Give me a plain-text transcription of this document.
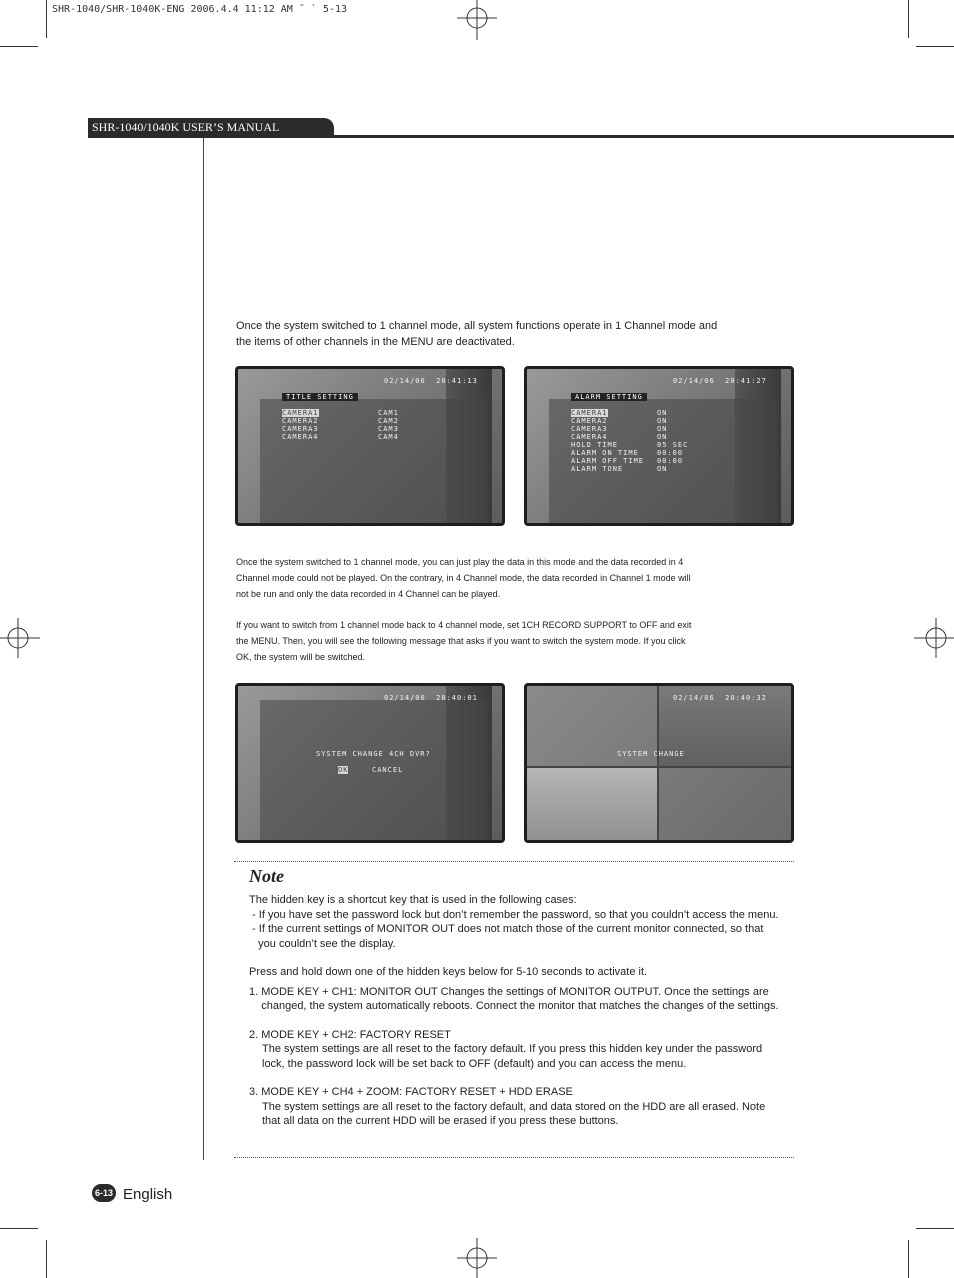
SHR-1040/SHR-1040K-ENG 2006.4.4 11:12 AM ˘ ` 5-13
SHR-1040/1040K USER’S MANUAL
Once the system switched to 1 channel mode, all system functions operate in 1 Channel mode and
the items of other channels in the MENU are deactivated.
02/14/06  20:41:13
TITLE SETTING
CAMERA1	CAM1
CAMERA2	CAM2
CAMERA3	CAM3
CAMERA4	CAM4
02/14/06  20:41:27
ALARM SETTING
CAMERA1	ON
CAMERA2	ON
CAMERA3	ON
CAMERA4	ON
HOLD TIME	05 SEC
ALARM ON TIME	00:00
ALARM OFF TIME 00:00
ALARM TONE	ON
Once the system switched to 1 channel mode, you can just play the data in this mode and the data recorded in 4
Channel mode could not be played. On the contrary, in 4 Channel mode, the data recorded in Channel 1 mode will
not be run and only the data recorded in 4 Channel can be played.
If you want to switch from 1 channel mode back to 4 channel mode, set 1CH RECORD SUPPORT to OFF and exit
the MENU. Then, you will see the following message that asks if you want to switch the system mode. If you click
OK, the system will be switched.
02/14/06  20:40:01
SYSTEM CHANGE 4CH DVR?
OK	CANCEL
02/14/06  20:40:32
SYSTEM CHANGE
Note
The hidden key is a shortcut key that is used in the following cases:
- If you have set the password lock but don’t remember the password, so that you couldn’t access the menu.
- If the current settings of MONITOR OUT does not match those of the current monitor connected, so that
you couldn’t see the display.
Press and hold down one of the hidden keys below for 5-10 seconds to activate it.
1. MODE KEY + CH1: MONITOR OUT Changes the settings of MONITOR OUTPUT. Once the settings are
changed, the system automatically reboots. Connect the monitor that matches the changes of the settings.
2. MODE KEY + CH2: FACTORY RESET
The system settings are all reset to the factory default. If you press this hidden key under the password
lock, the password lock will be set back to OFF (default) and you can access the menu.
3. MODE KEY + CH4 + ZOOM: FACTORY RESET + HDD ERASE
The system settings are all reset to the factory default, and data stored on the HDD are all erased. Note
that all data on the current HDD will be erased if you press these buttons.
6-13 English
